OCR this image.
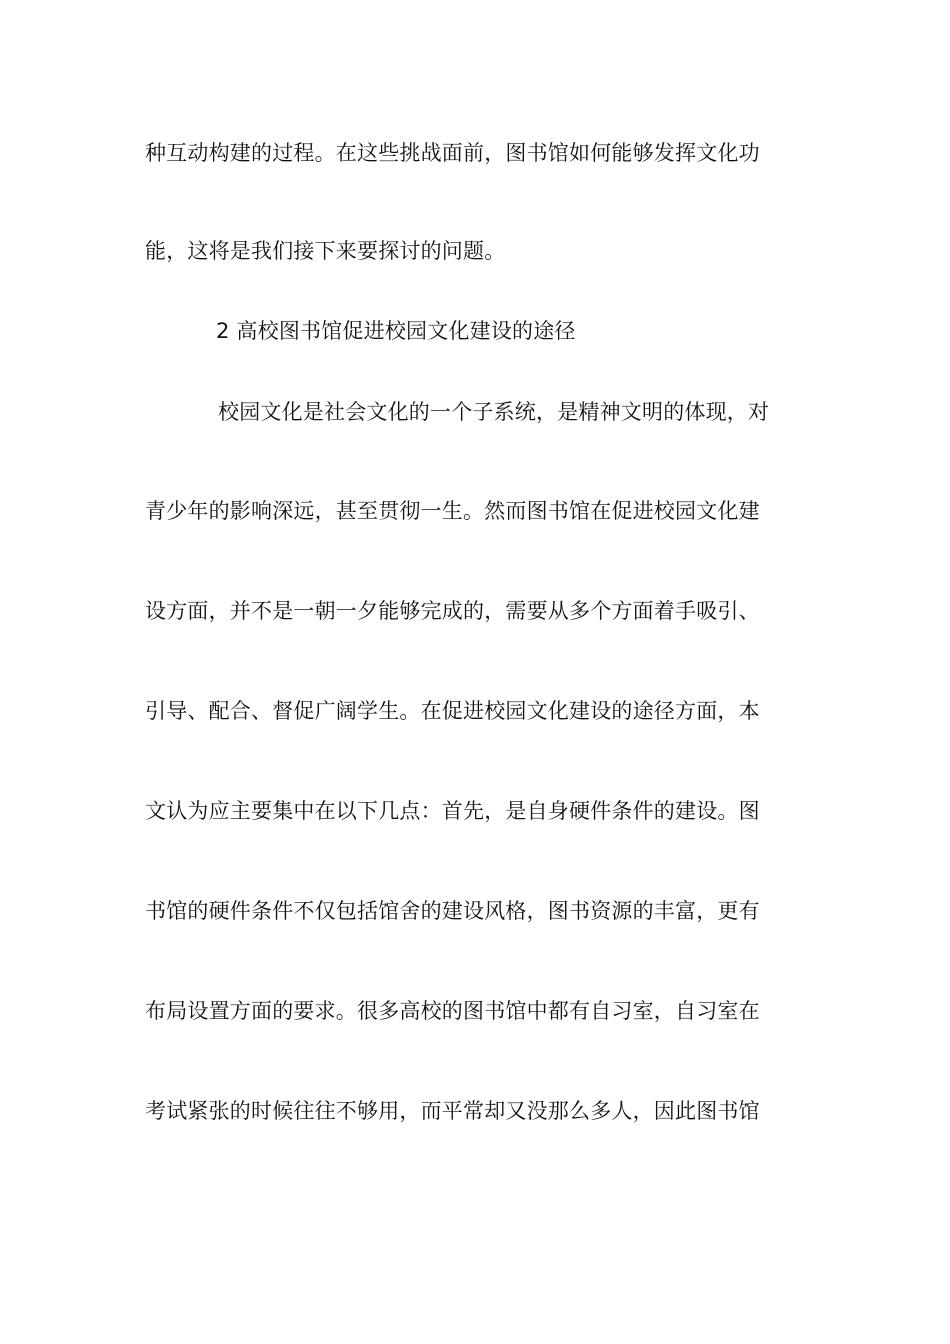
种互动构建的过程。在这些挑战面前，图书馆如何能够发挥文化功
能，这将是我们接下来要探讨的问题。
2 高校图书馆促进校园文化建设的途径
校园文化是社会文化的一个子系统，是精神文明的体现，对
青少年的影响深远，甚至贯彻一生。然而图书馆在促进校园文化建
设方面，并不是一朝一夕能够完成的，需要从多个方面着手吸引、
引导、配合、督促广阔学生。在促进校园文化建设的途径方面，本
文认为应主要集中在以下几点：首先，是自身硬件条件的建设。图
书馆的硬件条件不仅包括馆舍的建设风格，图书资源的丰富，更有
布局设置方面的要求。很多高校的图书馆中都有自习室，自习室在
考试紧张的时候往往不够用，而平常却又没那么多人，因此图书馆
